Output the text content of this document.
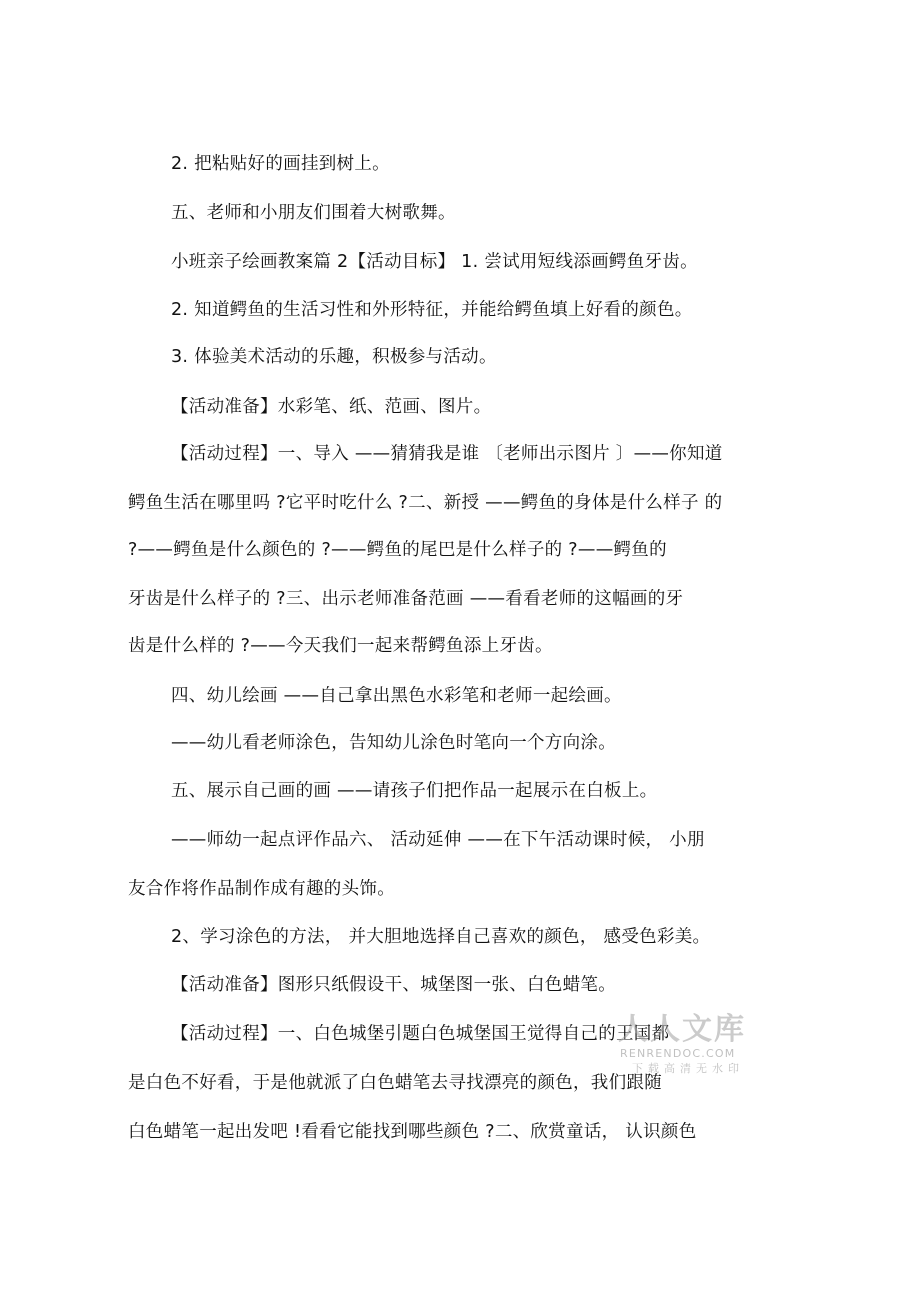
2. 把粘贴好的画挂到树上。
五、老师和小朋友们围着大树歌舞。
小班亲子绘画教案篇 2【活动目标】 1. 尝试用短线添画鳄鱼牙齿。
2. 知道鳄鱼的生活习性和外形特征，并能给鳄鱼填上好看的颜色。
3. 体验美术活动的乐趣，积极参与活动。
【活动准备】水彩笔、纸、范画、图片。
【活动过程】一、导入 ——猜猜我是谁 〔老师出示图片 〕——你知道
鳄鱼生活在哪里吗 ?它平时吃什么 ?二、新授 ——鳄鱼的身体是什么样子 的
?——鳄鱼是什么颜色的 ?——鳄鱼的尾巴是什么样子的 ?——鳄鱼的
牙齿是什么样子的 ?三、出示老师准备范画 ——看看老师的这幅画的牙
齿是什么样的 ?——今天我们一起来帮鳄鱼添上牙齿。
四、幼儿绘画 ——自己拿出黑色水彩笔和老师一起绘画。
——幼儿看老师涂色，告知幼儿涂色时笔向一个方向涂。
五、展示自己画的画 ——请孩子们把作品一起展示在白板上。
——师幼一起点评作品六、 活动延伸 ——在下午活动课时候， 小朋
友合作将作品制作成有趣的头饰。
2、学习涂色的方法， 并大胆地选择自己喜欢的颜色， 感受色彩美。
【活动准备】图形只纸假设干、城堡图一张、白色蜡笔。
【活动过程】一、白色城堡引题白色城堡国王觉得自己的王国都
是白色不好看，于是他就派了白色蜡笔去寻找漂亮的颜色，我们跟随
白色蜡笔一起出发吧 !看看它能找到哪些颜色 ?二、欣赏童话， 认识颜色
人人文库
RENRENDOC.COM
下载高清无水印
